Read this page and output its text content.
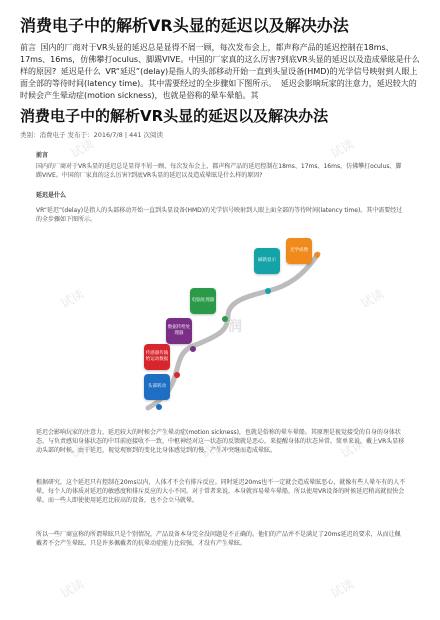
试读	试读
试读	试读
试读	试读	试读
试读	试读
消费电子中的解析VR头显的延迟以及解决办法
前言 国内的厂商对于VR头显的延迟总是显得不屑一顾，每次发布会上，都声称产品的延迟控制在18ms、17ms、16ms，仿佛攀打oculus、脚踢VIVE。中国的厂家真的这么厉害?到底VR头显的延迟以及造成晕眩是什么样的原因? 延迟是什么 VR“延迟”(delay)是指人的头部移动开始一直到头显设备(HMD)的光学信号映射到人眼上面全部的等待时间(latency time)。其中需要经过的全步骤如下图所示。 延迟会影响玩家的注意力，延迟较大的时候会产生晕动症(motion sickness)，也就是俗称的晕车晕船。其
消费电子中的解析VR头显的延迟以及解决办法
类别：消费电子 发布于：2016/7/8 | 441 次阅读
前言
国内的厂商对于VR头显的延迟总是显得不屑一顾，每次发布会上，都声称产品的延迟控制在18ms、17ms、16ms，仿佛攀打oculus、脚踢VIVE。中国的厂家真的这么厉害?到底VR头显的延迟以及造成晕眩是什么样的原因?
延迟是什么
VR“延迟”(delay)是指人的头部移动开始一直到头显设备(HMD)的光学信号映射到人眼上面全部的等待时间(latency time)。其中需要经过的全步骤如下图所示。
润
头部转动
传感器传输给运动数据
数据传给处理器
电脑处理器
刷新显示
光学成像
延迟会影响玩家的注意力，延迟较大的时候会产生晕动症(motion sickness)，也就是俗称的晕车晕船。其原理是视觉接受的自身的身体状态，与负责感知身体状态的中耳前庭接收不一致，中枢神经对这一状态的反馈就是恶心，来提醒身体的状态异常。简单来说，戴上VR头显移动头部的时候，由于延迟，视觉观察到的变化比身体感觉到的慢，产生冲突继而造成晕眩。
根据研究，这个延迟只有控制在20ms以内，人体才不会有排斥反应。同时延迟20ms也不一定就会造成晕眩恶心，就像有些人晕车有的人不晕，每个人的体质对延迟的敏感度和排斥反应的大小不同。对于常者来说，本身就容易晕车晕船，所以使用VR设备的时候延迟稍高就很快会晕。而一些人即使使用延迟比较高的设备，也不会立马就晕。
所以一些厂商宣称的所谓晕眩只是个别情况，产品设备本身完全没问题是不正确的。他们的产品并不是满足了20ms延迟的要求，从而让佩戴者不会产生晕眩。只是许多佩戴者的抗晕动症能力比较强，才没有产生晕眩。
